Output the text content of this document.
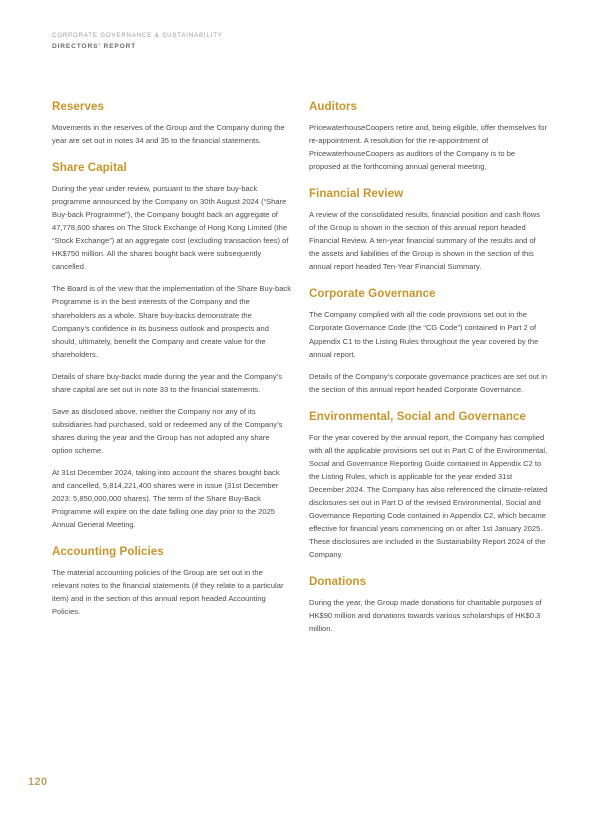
CORPORATE GOVERNANCE & SUSTAINABILITY
DIRECTORS' REPORT
Reserves

Movements in the reserves of the Group and the Company during the year are set out in notes 34 and 35 to the financial statements.

Share Capital

During the year under review, pursuant to the share buy-back programme announced by the Company on 30th August 2024 (“Share Buy-back Programme”), the Company bought back an aggregate of 47,778,600 shares on The Stock Exchange of Hong Kong Limited (the “Stock Exchange”) at an aggregate cost (excluding transaction fees) of HK$750 million. All the shares bought back were subsequently cancelled.

The Board is of the view that the implementation of the Share Buy-back Programme is in the best interests of the Company and the shareholders as a whole. Share buy-backs demonstrate the Company’s confidence in its business outlook and prospects and should, ultimately, benefit the Company and create value for the shareholders.

Details of share buy-backs made during the year and the Company’s share capital are set out in note 33 to the financial statements.

Save as disclosed above, neither the Company nor any of its subsidiaries had purchased, sold or redeemed any of the Company’s shares during the year and the Group has not adopted any share option scheme.

At 31st December 2024, taking into account the shares bought back and cancelled, 5,814,221,400 shares were in issue (31st December 2023: 5,850,000,000 shares). The term of the Share Buy-Back Programme will expire on the date falling one day prior to the 2025 Annual General Meeting.

Accounting Policies

The material accounting policies of the Group are set out in the relevant notes to the financial statements (if they relate to a particular item) and in the section of this annual report headed Accounting Policies.

Auditors

PricewaterhouseCoopers retire and, being eligible, offer themselves for re-appointment. A resolution for the re-appointment of PricewaterhouseCoopers as auditors of the Company is to be proposed at the forthcoming annual general meeting.

Financial Review

A review of the consolidated results, financial position and cash flows of the Group is shown in the section of this annual report headed Financial Review. A ten-year financial summary of the results and of the assets and liabilities of the Group is shown in the section of this annual report headed Ten-Year Financial Summary.

Corporate Governance

The Company complied with all the code provisions set out in the Corporate Governance Code (the “CG Code”) contained in Part 2 of Appendix C1 to the Listing Rules throughout the year covered by the annual report.

Details of the Company’s corporate governance practices are set out in the section of this annual report headed Corporate Governance.

Environmental, Social and Governance

For the year covered by the annual report, the Company has complied with all the applicable provisions set out in Part C of the Environmental, Social and Governance Reporting Guide contained in Appendix C2 to the Listing Rules, which is applicable for the year ended 31st December 2024. The Company has also referenced the climate-related disclosures set out in Part D of the revised Environmental, Social and Governance Reporting Code contained in Appendix C2, which became effective for financial years commencing on or after 1st January 2025. These disclosures are included in the Sustainability Report 2024 of the Company.

Donations

During the year, the Group made donations for charitable purposes of HK$90 million and donations towards various scholarships of HK$0.3 million.

120
